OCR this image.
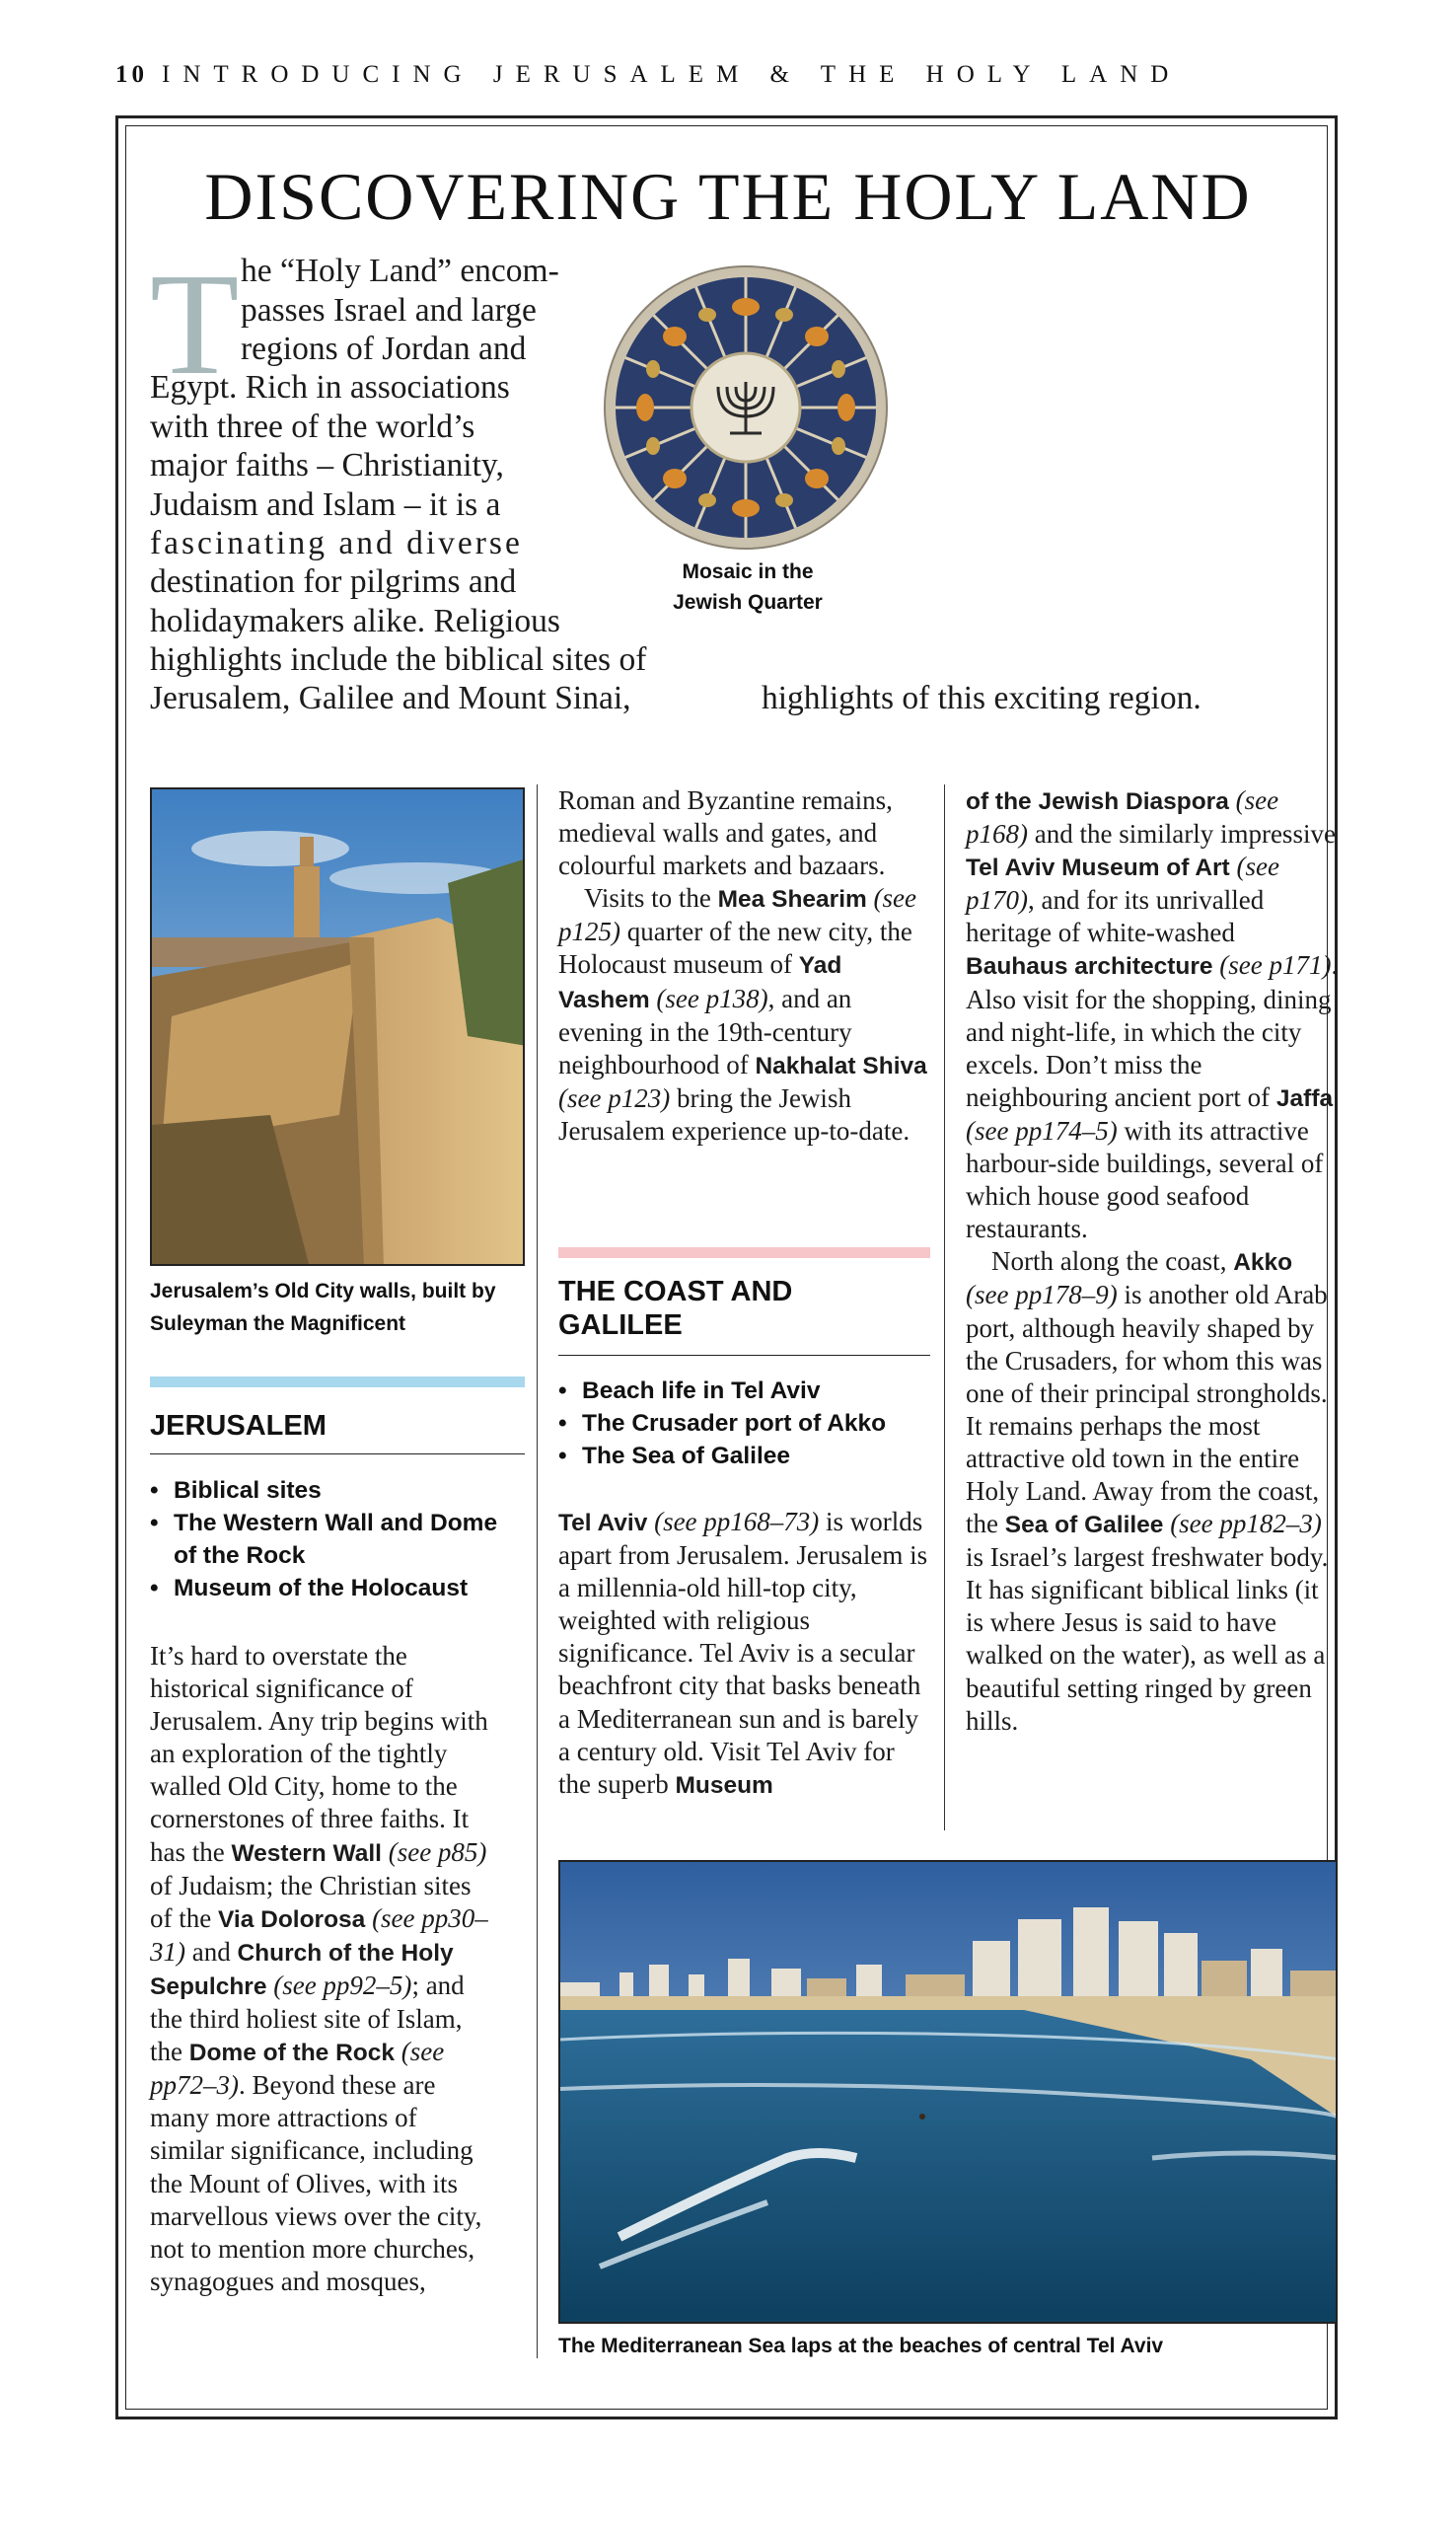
10 INTRODUCING JERUSALEM & THE HOLY LAND
DISCOVERING THE HOLY LAND
T he “Holy Land” encom-
passes Israel and large
regions of Jordan and
Egypt. Rich in associations
with three of the world’s
major faiths – Christianity,
Judaism and Islam – it is a
fascinating and diverse
destination for pilgrims and
holidaymakers alike. Religious
highlights include the biblical sites of
Jerusalem, Galilee and Mount Sinai,	highlights of this exciting region.
Mosaic in the
Jewish Quarter
Jerusalem’s Old City walls, built by
Suleyman the Magnificent
JERUSALEM
• Biblical sites
• The Western Wall and Dome of the Rock
• Museum of the Holocaust

It’s hard to overstate the historical significance of Jerusalem. Any trip begins with an exploration of the tightly walled Old City, home to the cornerstones of three faiths. It has the Western Wall (see p85) of Judaism; the Christian sites of the Via Dolorosa (see pp30–31) and Church of the Holy Sepulchre (see pp92–5); and the third holiest site of Islam, the Dome of the Rock (see pp72–3). Beyond these are many more attractions of similar significance, including the Mount of Olives, with its marvellous views over the city, not to mention more churches, synagogues and mosques,

Roman and Byzantine remains, medieval walls and gates, and colourful markets and bazaars.

Visits to the Mea Shearim (see p125) quarter of the new city, the Holocaust museum of Yad Vashem (see p138), and an evening in the 19th-century neighbourhood of Nakhalat Shiva (see p123) bring the Jewish Jerusalem experience up-to-date.

THE COAST AND
GALILEE
• Beach life in Tel Aviv
• The Crusader port of Akko
• The Sea of Galilee

Tel Aviv (see pp168–73) is worlds apart from Jerusalem. Jerusalem is a millennia-old hill-top city, weighted with religious significance. Tel Aviv is a secular beachfront city that basks beneath a Mediterranean sun and is barely a century old. Visit Tel Aviv for the superb Museum

of the Jewish Diaspora (see p168) and the similarly impressive Tel Aviv Museum of Art (see p170), and for its unrivalled heritage of white-washed Bauhaus architecture (see p171). Also visit for the shopping, dining and night-life, in which the city excels. Don’t miss the neighbouring ancient port of Jaffa (see pp174–5) with its attractive harbour-side buildings, several of which house good seafood restaurants.

North along the coast, Akko (see pp178–9) is another old Arab port, although heavily shaped by the Crusaders, for whom this was one of their principal strongholds. It remains perhaps the most attractive old town in the entire Holy Land. Away from the coast, the Sea of Galilee (see pp182–3) is Israel’s largest freshwater body. It has significant biblical links (it is where Jesus is said to have walked on the water), as well as a beautiful setting ringed by green hills.

The Mediterranean Sea laps at the beaches of central Tel Aviv
